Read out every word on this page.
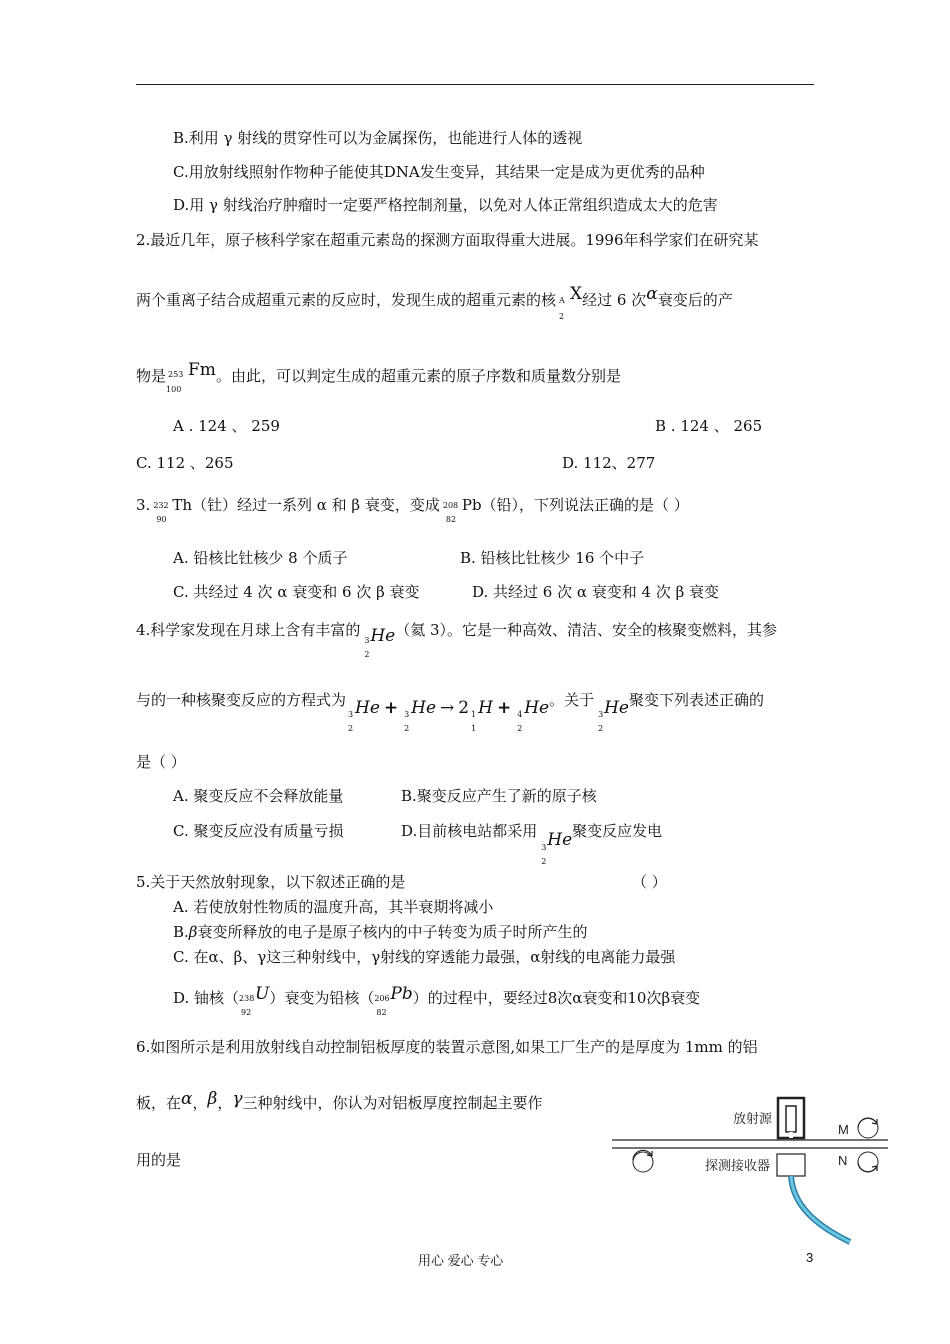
B.利用 γ 射线的贯穿性可以为金属探伤，也能进行人体的透视
C.用放射线照射作物种子能使其DNA发生变异，其结果一定是成为更优秀的品种
D.用 γ 射线治疗肿瘤时一定要严格控制剂量，以免对人体正常组织造成太大的危害
2.最近几年，原子核科学家在超重元素岛的探测方面取得重大进展。1996年科学家们在研究某
两个重离子结合成超重元素的反应时，发现生成的超重元素的核 A
2
X经过 6 次α衰变后的产
物是 253
100
Fm。由此，可以判定生成的超重元素的原子序数和质量数分别是
A . 124 、 259	B . 124 、 265
C. 112 、265	D. 112、277
3. 232
90
Th（钍）经过一系列 α 和 β 衰变，变成 208
82
Pb（铅），下列说法正确的是（ ）
A. 铅核比钍核少 8 个质子	B. 铅核比钍核少 16 个中子
C. 共经过 4 次 α 衰变和 6 次 β 衰变	D. 共经过 6 次 α 衰变和 4 次 β 衰变
4.科学家发现在月球上含有丰富的
3
2
He（氦 3）。它是一种高效、清洁、安全的核聚变燃料，其参
与的一种核聚变反应的方程式为
3
2
He + 3
2
He → 2 1
1
H + 4
2
He。关于
3
2
He聚变下列表述正确的
是（ ）
A. 聚变反应不会释放能量	B.聚变反应产生了新的原子核
C. 聚变反应没有质量亏损	D.目前核电站都采用
3
2
He聚变反应发电
5.关于天然放射现象，以下叙述正确的是	（ ）
A. 若使放射性物质的温度升高，其半衰期将减小
B.β衰变所释放的电子是原子核内的中子转变为质子时所产生的
C. 在α、β、γ这三种射线中，γ射线的穿透能力最强，α射线的电离能力最强
D. 铀核（ 238
92
U）衰变为铅核（ 206
82
Pb）的过程中，要经过8次α衰变和10次β衰变
6.如图所示是利用放射线自动控制铝板厚度的装置示意图,如果工厂生产的是厚度为 1mm 的铝
板，在α，β，γ三种射线中，你认为对铝板厚度控制起主要作
用的是
放射源
探测接收器
M
N
用心 爱心 专心	3
